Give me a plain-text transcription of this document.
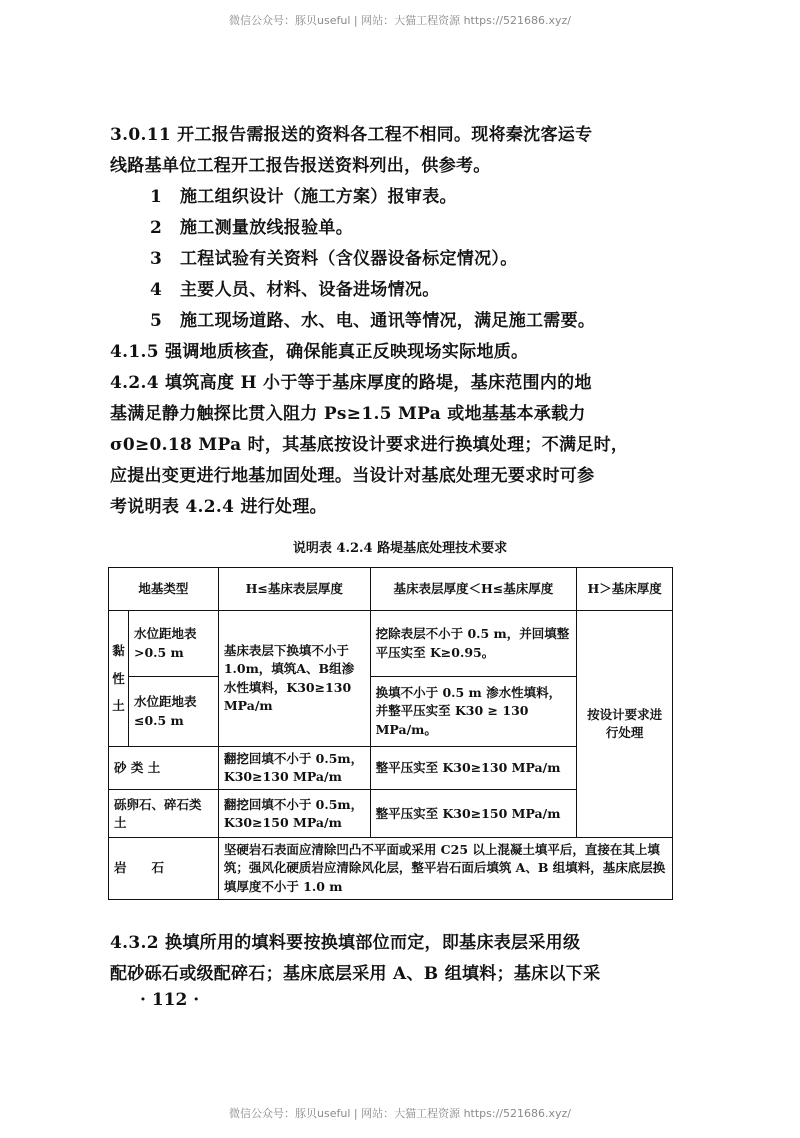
微信公众号：豚贝useful | 网站：大猫工程资源 https://521686.xyz/
3.0.11 开工报告需报送的资料各工程不相同。现将秦沈客运专
线路基单位工程开工报告报送资料列出，供参考。
1 施工组织设计（施工方案）报审表。
2 施工测量放线报验单。
3 工程试验有关资料（含仪器设备标定情况）。
4 主要人员、材料、设备进场情况。
5 施工现场道路、水、电、通讯等情况，满足施工需要。
4.1.5 强调地质核查，确保能真正反映现场实际地质。
4.2.4 填筑高度 H 小于等于基床厚度的路堤，基床范围内的地
基满足静力触探比贯入阻力 Ps≥1.5 MPa 或地基基本承载力
σ0≥0.18 MPa 时，其基底按设计要求进行换填处理；不满足时，
应提出变更进行地基加固处理。当设计对基底处理无要求时可参
考说明表 4.2.4 进行处理。
说明表 4.2.4 路堤基底处理技术要求
地基类型		H≤基床表层厚度	基床表层厚度＜H≤基床厚度	H＞基床厚度
黏性土	水位距地表 >0.5 m	基床表层下换填不小于1.0m，填筑A、B组渗水性填料，K30≥130 MPa/m	挖除表层不小于 0.5 m，并回填整平压实至 K≥0.95。	按设计要求进行处理
	水位距地表 ≤0.5 m		换填不小于 0.5 m 渗水性填料，并整平压实至 K30 ≥ 130 MPa/m。	
砂 类 土		翻挖回填不小于 0.5m，K30≥130 MPa/m	整平压实至 K30≥130 MPa/m	
砾卵石、碎石类土		翻挖回填不小于 0.5m，K30≥150 MPa/m	整平压实至 K30≥150 MPa/m	
岩　　石		坚硬岩石表面应清除凹凸不平面或采用 C25 以上混凝土填平后，直接在其上填筑；强风化硬质岩应清除风化层，整平岩石面后填筑 A、B 组填料，基床底层换填厚度不小于 1.0 m		
4.3.2 换填所用的填料要按换填部位而定，即基床表层采用级
配砂砾石或级配碎石；基床底层采用 A、B 组填料；基床以下采
· 112 ·
微信公众号：豚贝useful | 网站：大猫工程资源 https://521686.xyz/
